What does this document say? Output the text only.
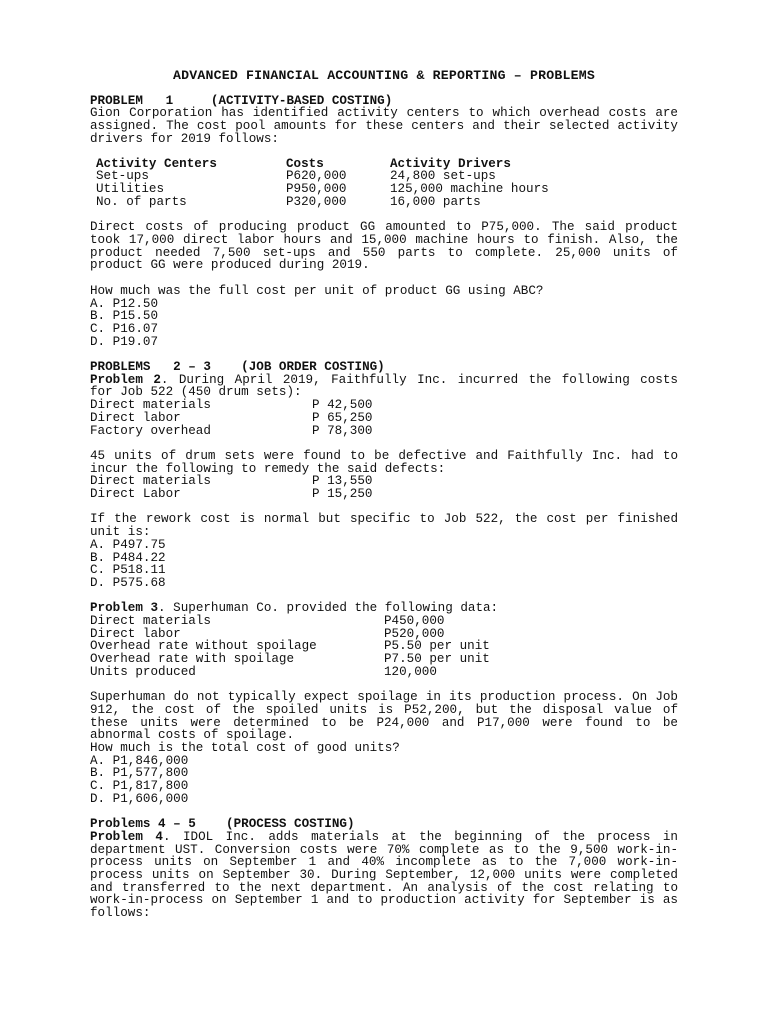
ADVANCED FINANCIAL ACCOUNTING & REPORTING – PROBLEMS
PROBLEM   1     (ACTIVITY-BASED COSTING)
Gion Corporation has identified activity centers to which overhead costs are assigned. The cost pool amounts for these centers and their selected activity drivers for 2019 follows:
Activity Centers	Costs	Activity Drivers
Set-ups	P620,000	24,800 set-ups
Utilities	P950,000	125,000 machine hours
No. of parts	P320,000	16,000 parts
Direct costs of producing product GG amounted to P75,000. The said product took 17,000 direct labor hours and 15,000 machine hours to finish. Also, the product needed 7,500 set-ups and 550 parts to complete. 25,000 units of product GG were produced during 2019.
How much was the full cost per unit of product GG using ABC?
A. P12.50
B. P15.50
C. P16.07
D. P19.07
PROBLEMS   2 – 3    (JOB ORDER COSTING)
Problem 2. During April 2019, Faithfully Inc. incurred the following costs for Job 522 (450 drum sets):
Direct materials	P 42,500
Direct labor	P 65,250
Factory overhead	P 78,300
45 units of drum sets were found to be defective and Faithfully Inc. had to incur the following to remedy the said defects:
Direct materials	P 13,550
Direct Labor	P 15,250
If the rework cost is normal but specific to Job 522, the cost per finished unit is:
A. P497.75
B. P484.22
C. P518.11
D. P575.68
Problem 3. Superhuman Co. provided the following data:
Direct materials	P450,000
Direct labor	P520,000
Overhead rate without spoilage	P5.50 per unit
Overhead rate with spoilage	P7.50 per unit
Units produced	120,000
Superhuman do not typically expect spoilage in its production process. On Job 912, the cost of the spoiled units is P52,200, but the disposal value of these units were determined to be P24,000 and P17,000 were found to be abnormal costs of spoilage.
How much is the total cost of good units?
A. P1,846,000
B. P1,577,800
C. P1,817,800
D. P1,606,000
Problems 4 – 5    (PROCESS COSTING)
Problem 4. IDOL Inc. adds materials at the beginning of the process in department UST. Conversion costs were 70% complete as to the 9,500 work-in-process units on September 1 and 40% incomplete as to the 7,000 work-in-process units on September 30. During September, 12,000 units were completed and transferred to the next department. An analysis of the cost relating to work-in-process on September 1 and to production activity for September is as follows:
